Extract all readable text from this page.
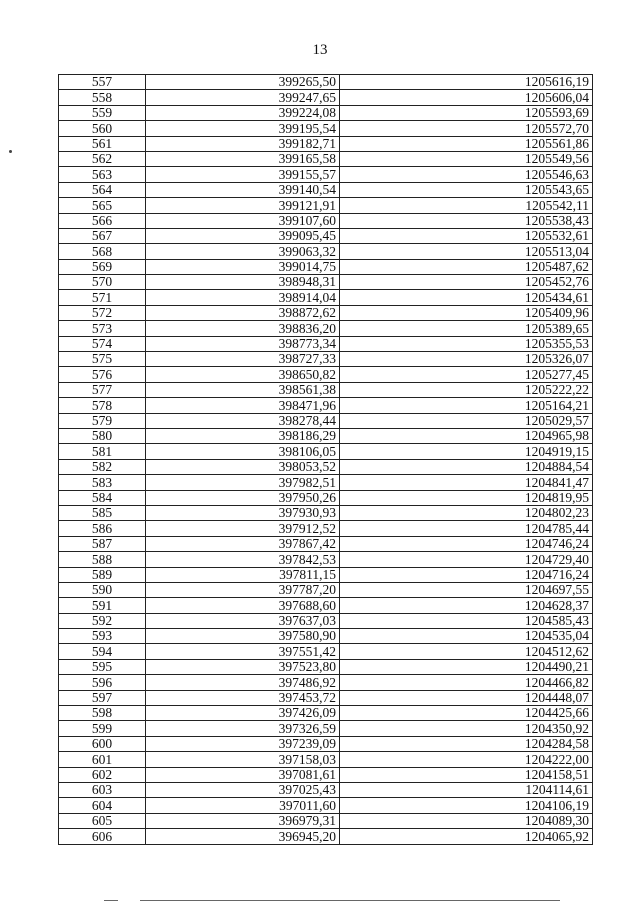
13
557	399265,50	1205616,19
558	399247,65	1205606,04
559	399224,08	1205593,69
560	399195,54	1205572,70
561	399182,71	1205561,86
562	399165,58	1205549,56
563	399155,57	1205546,63
564	399140,54	1205543,65
565	399121,91	1205542,11
566	399107,60	1205538,43
567	399095,45	1205532,61
568	399063,32	1205513,04
569	399014,75	1205487,62
570	398948,31	1205452,76
571	398914,04	1205434,61
572	398872,62	1205409,96
573	398836,20	1205389,65
574	398773,34	1205355,53
575	398727,33	1205326,07
576	398650,82	1205277,45
577	398561,38	1205222,22
578	398471,96	1205164,21
579	398278,44	1205029,57
580	398186,29	1204965,98
581	398106,05	1204919,15
582	398053,52	1204884,54
583	397982,51	1204841,47
584	397950,26	1204819,95
585	397930,93	1204802,23
586	397912,52	1204785,44
587	397867,42	1204746,24
588	397842,53	1204729,40
589	397811,15	1204716,24
590	397787,20	1204697,55
591	397688,60	1204628,37
592	397637,03	1204585,43
593	397580,90	1204535,04
594	397551,42	1204512,62
595	397523,80	1204490,21
596	397486,92	1204466,82
597	397453,72	1204448,07
598	397426,09	1204425,66
599	397326,59	1204350,92
600	397239,09	1204284,58
601	397158,03	1204222,00
602	397081,61	1204158,51
603	397025,43	1204114,61
604	397011,60	1204106,19
605	396979,31	1204089,30
606	396945,20	1204065,92
